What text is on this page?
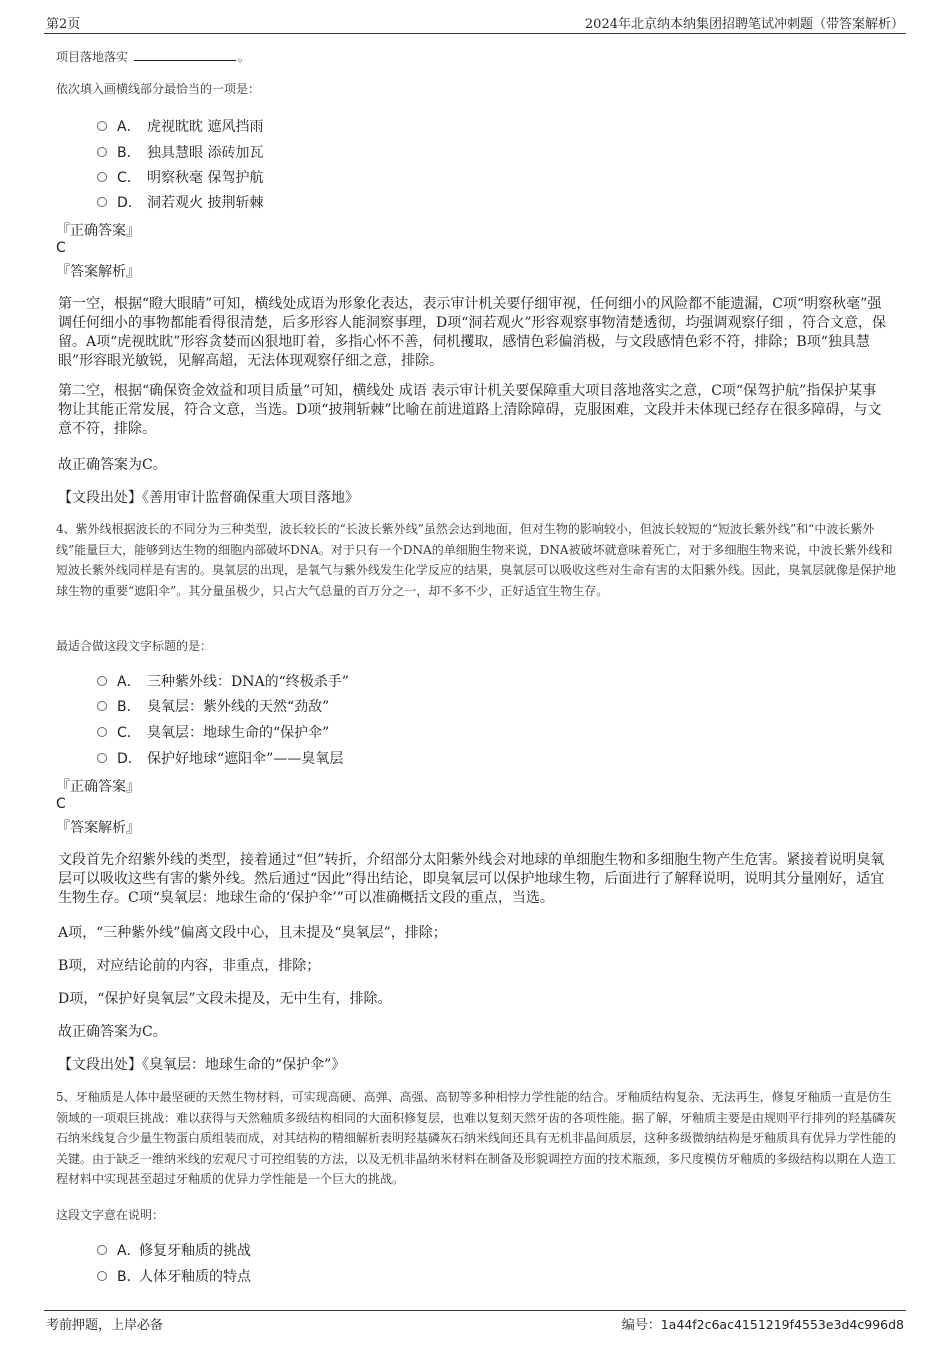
第2页	2024年北京纳本纳集团招聘笔试冲刺题（带答案解析）
项目落地落实	。
依次填入画横线部分最恰当的一项是：
A． 虎视眈眈 遮风挡雨
B． 独具慧眼 添砖加瓦
C． 明察秋毫 保驾护航
D． 洞若观火 披荆斩棘
『正确答案』
C
『答案解析』
第一空，根据“瞪大眼睛”可知，横线处成语为形象化表达，表示审计机关要仔细审视，任何细小的风险都不能遗漏，C项“明察秋毫”强调任何细小的事物都能看得很清楚，后多形容人能洞察事理，D项“洞若观火”形容观察事物清楚透彻，均强调观察仔细 ，符合文意，保留。A项“虎视眈眈”形容贪婪而凶狠地盯着，多指心怀不善，伺机攫取，感情色彩偏消极，与文段感情色彩不符，排除；B项“独具慧眼”形容眼光敏锐，见解高超，无法体现观察仔细之意，排除。
第二空，根据“确保资金效益和项目质量”可知，横线处 成语 表示审计机关要保障重大项目落地落实之意，C项“保驾护航”指保护某事物让其能正常发展，符合文意，当选。D项“披荆斩棘”比喻在前进道路上清除障碍，克服困难，文段并未体现已经存在很多障碍，与文意不符，排除。
故正确答案为C。
【文段出处】《善用审计监督确保重大项目落地》
4、紫外线根据波长的不同分为三种类型，波长较长的“长波长紫外线”虽然会达到地面，但对生物的影响较小，但波长较短的“短波长紫外线”和“中波长紫外线”能量巨大，能够到达生物的细胞内部破坏DNA。对于只有一个DNA的单细胞生物来说，DNA被破坏就意味着死亡，对于多细胞生物来说，中波长紫外线和短波长紫外线同样是有害的。臭氧层的出现，是氧气与紫外线发生化学反应的结果，臭氧层可以吸收这些对生命有害的太阳紫外线。因此，臭氧层就像是保护地球生物的重要“遮阳伞”。其分量虽极少，只占大气总量的百万分之一，却不多不少，正好适宜生物生存。
最适合做这段文字标题的是：
A． 三种紫外线：DNA的“终极杀手”
B． 臭氧层：紫外线的天然“劲敌”
C． 臭氧层：地球生命的“保护伞”
D． 保护好地球“遮阳伞”——臭氧层
『正确答案』
C
『答案解析』
文段首先介绍紫外线的类型，接着通过“但”转折，介绍部分太阳紫外线会对地球的单细胞生物和多细胞生物产生危害。紧接着说明臭氧层可以吸收这些有害的紫外线。然后通过“因此”得出结论，即臭氧层可以保护地球生物，后面进行了解释说明，说明其分量刚好，适宜生物生存。C项“臭氧层：地球生命的‘保护伞’”可以准确概括文段的重点，当选。
A项，“三种紫外线”偏离文段中心，且未提及“臭氧层”，排除；
B项，对应结论前的内容，非重点，排除；
D项，“保护好臭氧层”文段未提及，无中生有，排除。
故正确答案为C。
【文段出处】《臭氧层：地球生命的“保护伞”》
5、牙釉质是人体中最坚硬的天然生物材料，可实现高硬、高弹、高强、高韧等多种相悖力学性能的结合。牙釉质结构复杂、无法再生，修复牙釉质一直是仿生领域的一项艰巨挑战：难以获得与天然釉质多级结构相同的大面积修复层，也难以复刻天然牙齿的各项性能。据了解，牙釉质主要是由规则平行排列的羟基磷灰石纳米线复合少量生物蛋白质组装而成，对其结构的精细解析表明羟基磷灰石纳米线间还具有无机非晶间质层，这种多级微纳结构是牙釉质具有优异力学性能的关键。由于缺乏一维纳米线的宏观尺寸可控组装的方法，以及无机非晶纳米材料在制备及形貌调控方面的技术瓶颈，多尺度模仿牙釉质的多级结构以期在人造工程材料中实现甚至超过牙釉质的优异力学性能是一个巨大的挑战。
这段文字意在说明：
A．
修复牙釉质的挑战
B．
人体牙釉质的特点
考前押题，上岸必备	编号：1a44f2c6ac4151219f4553e3d4c996d8
